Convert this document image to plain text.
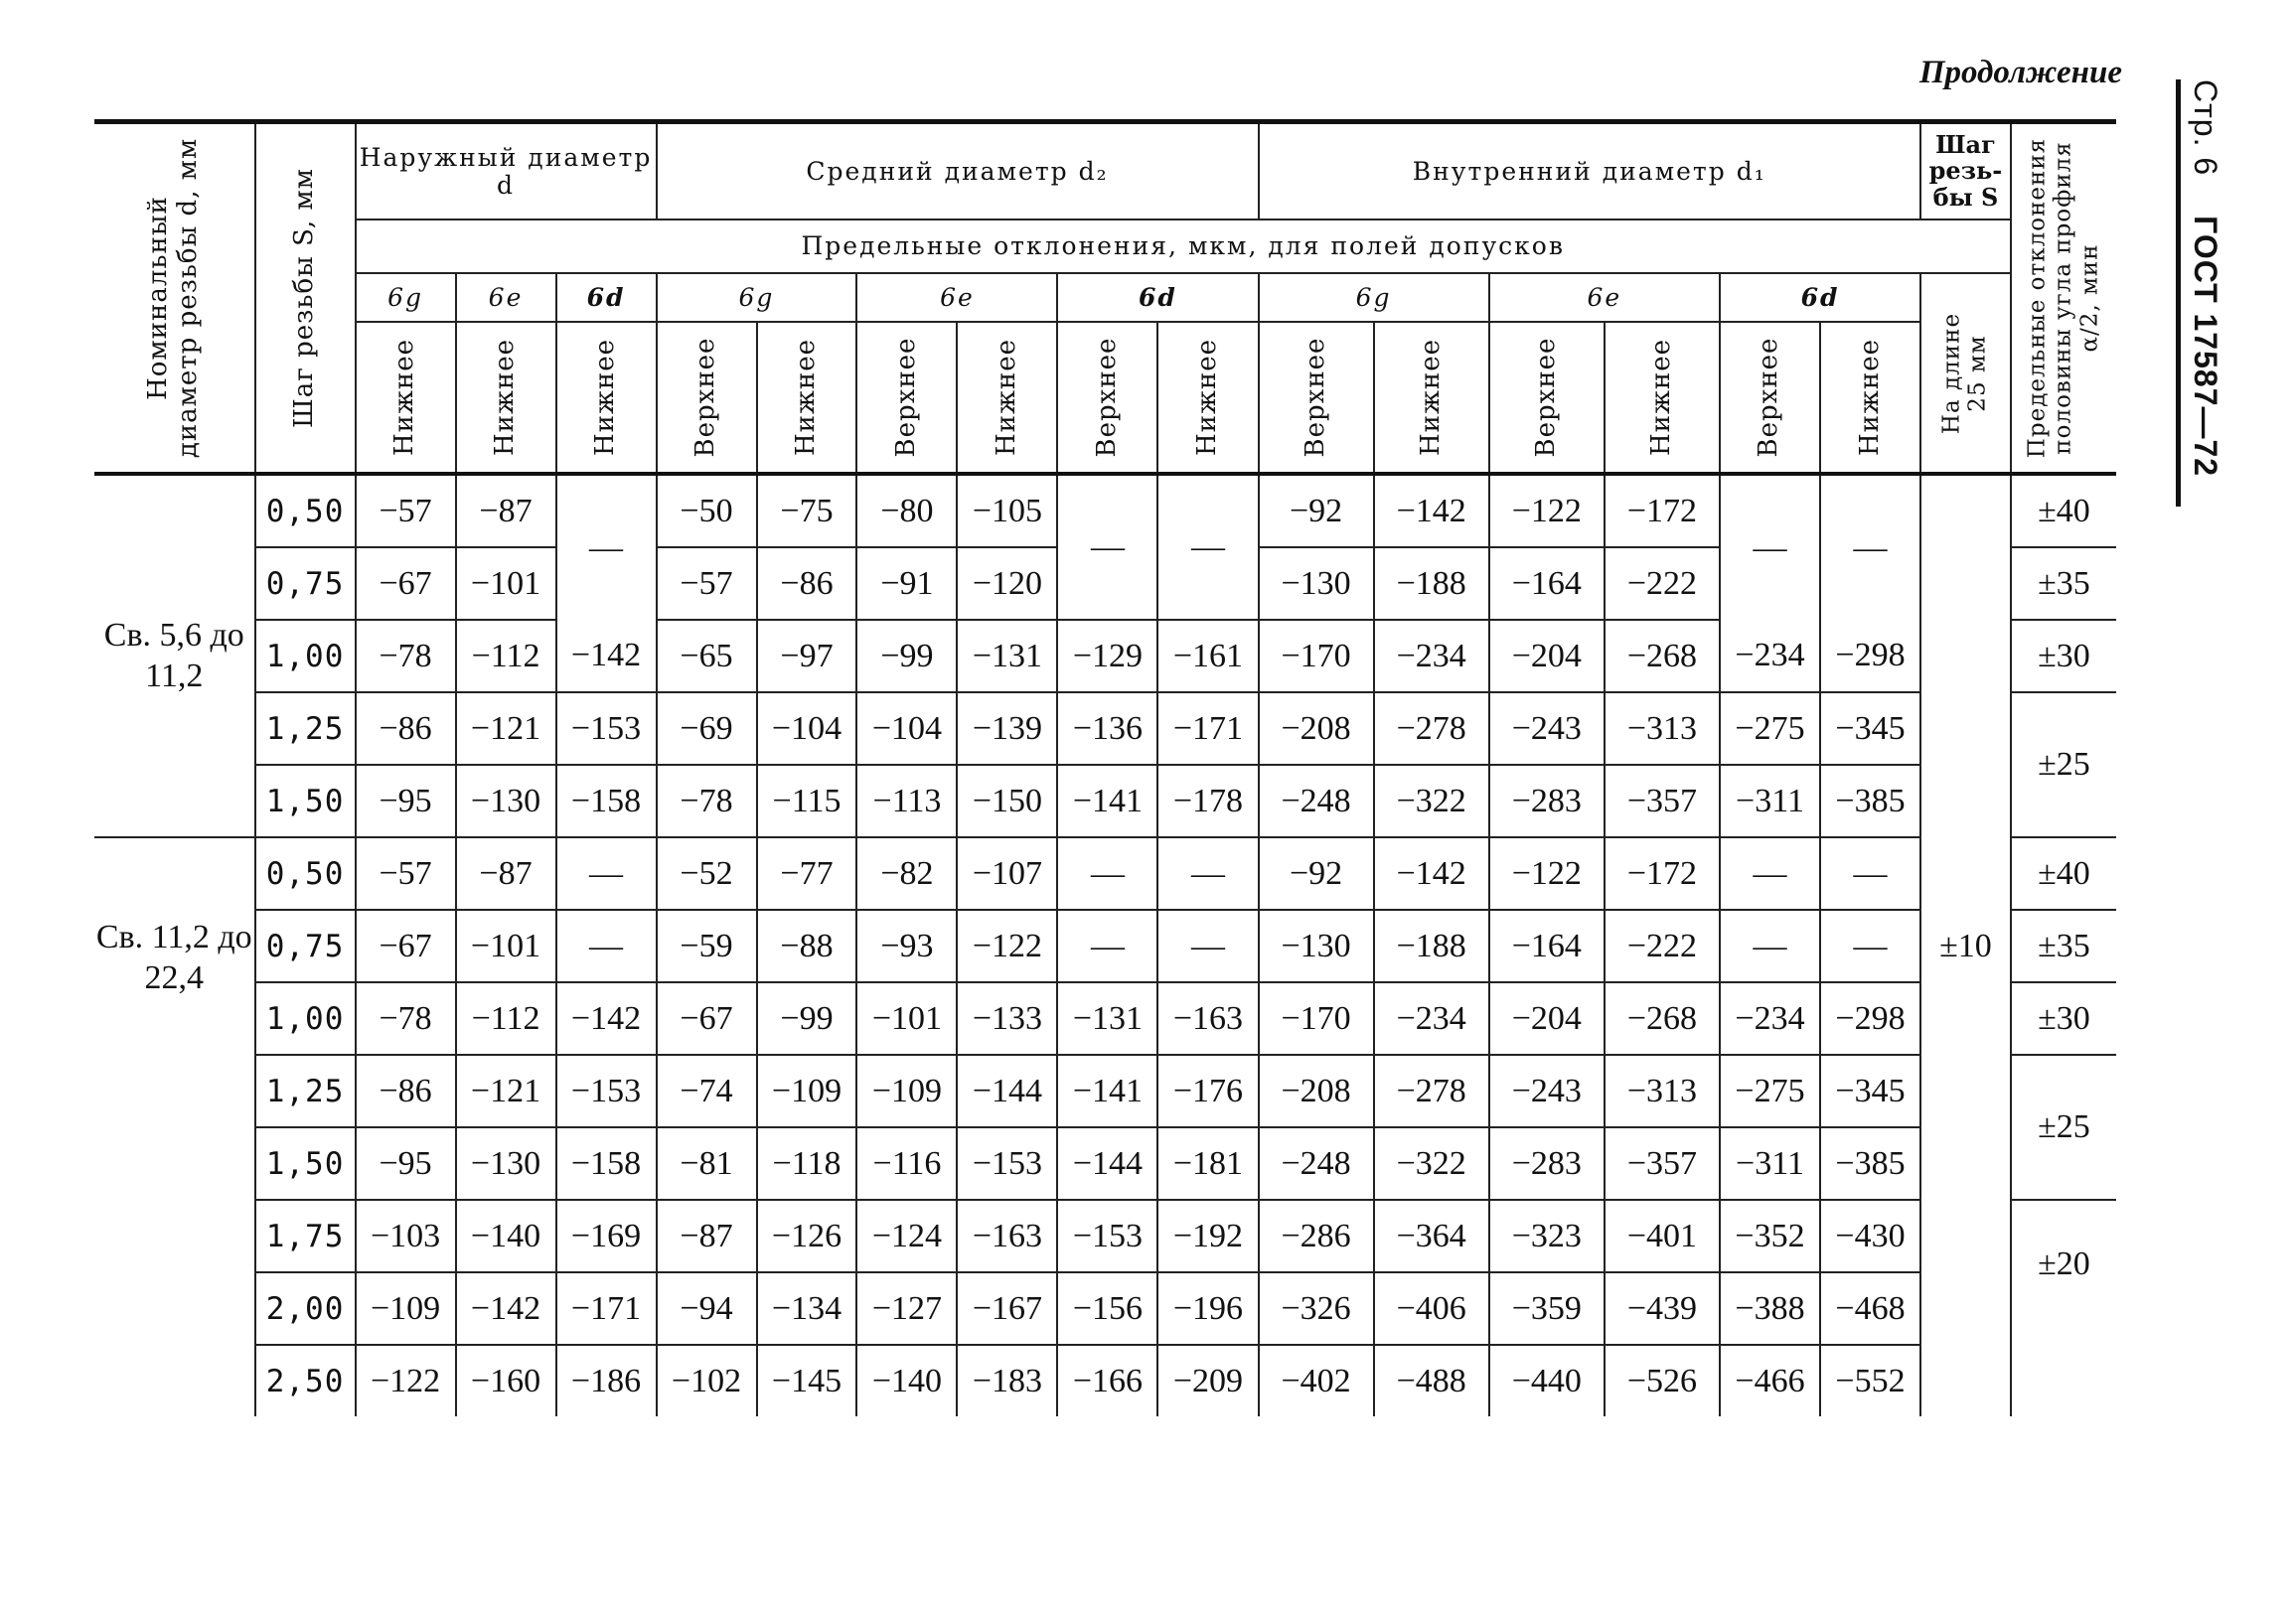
Продолжение
Стр. 6ГОСТ 17587—72
Номинальный диаметр резьбы d, мм	Шаг резьбы S, мм	Наружный диаметр d			Средний диаметр d₂						Внутренний диаметр d₁						Шаг резь-бы S	Предельные отклонения половины угла профиля α/2, мин

		Предельные отклонения, мкм, для полей допусков																
		6g	6e	6d	6g		6e		6d		6g		6e		6d		На длине 25 мм	

		Нижнее	Нижнее	Нижнее	Верхнее	Нижнее	Верхнее	Нижнее	Верхнее	Нижнее	Верхнее	Нижнее	Верхнее	Нижнее	Верхнее	Нижнее		

Св. 5,6 до 11,2	0,50	−57	−87	—	−50	−75	−80	−105	—	—	−92	−142	−122	−172	—	—	±10	±40
	0,75	−67	−101		−57	−86	−91	−120			−130	−188	−164	−222				±35
	1,00	−78	−112	−142	−65	−97	−99	−131	−129	−161	−170	−234	−204	−268	−234	−298		±30
	1,25	−86	−121	−153	−69	−104	−104	−139	−136	−171	−208	−278	−243	−313	−275	−345		±25
	1,50	−95	−130	−158	−78	−115	−113	−150	−141	−178	−248	−322	−283	−357	−311	−385		
Св. 11,2 до 22,4	0,50	−57	−87	—	−52	−77	−82	−107	—	—	−92	−142	−122	−172	—	—		±40
	0,75	−67	−101	—	−59	−88	−93	−122	—	—	−130	−188	−164	−222	—	—		±35
	1,00	−78	−112	−142	−67	−99	−101	−133	−131	−163	−170	−234	−204	−268	−234	−298		±30
	1,25	−86	−121	−153	−74	−109	−109	−144	−141	−176	−208	−278	−243	−313	−275	−345		±25
	1,50	−95	−130	−158	−81	−118	−116	−153	−144	−181	−248	−322	−283	−357	−311	−385		
	1,75	−103	−140	−169	−87	−126	−124	−163	−153	−192	−286	−364	−323	−401	−352	−430		±20
	2,00	−109	−142	−171	−94	−134	−127	−167	−156	−196	−326	−406	−359	−439	−388	−468		
	2,50	−122	−160	−186	−102	−145	−140	−183	−166	−209	−402	−488	−440	−526	−466	−552		
